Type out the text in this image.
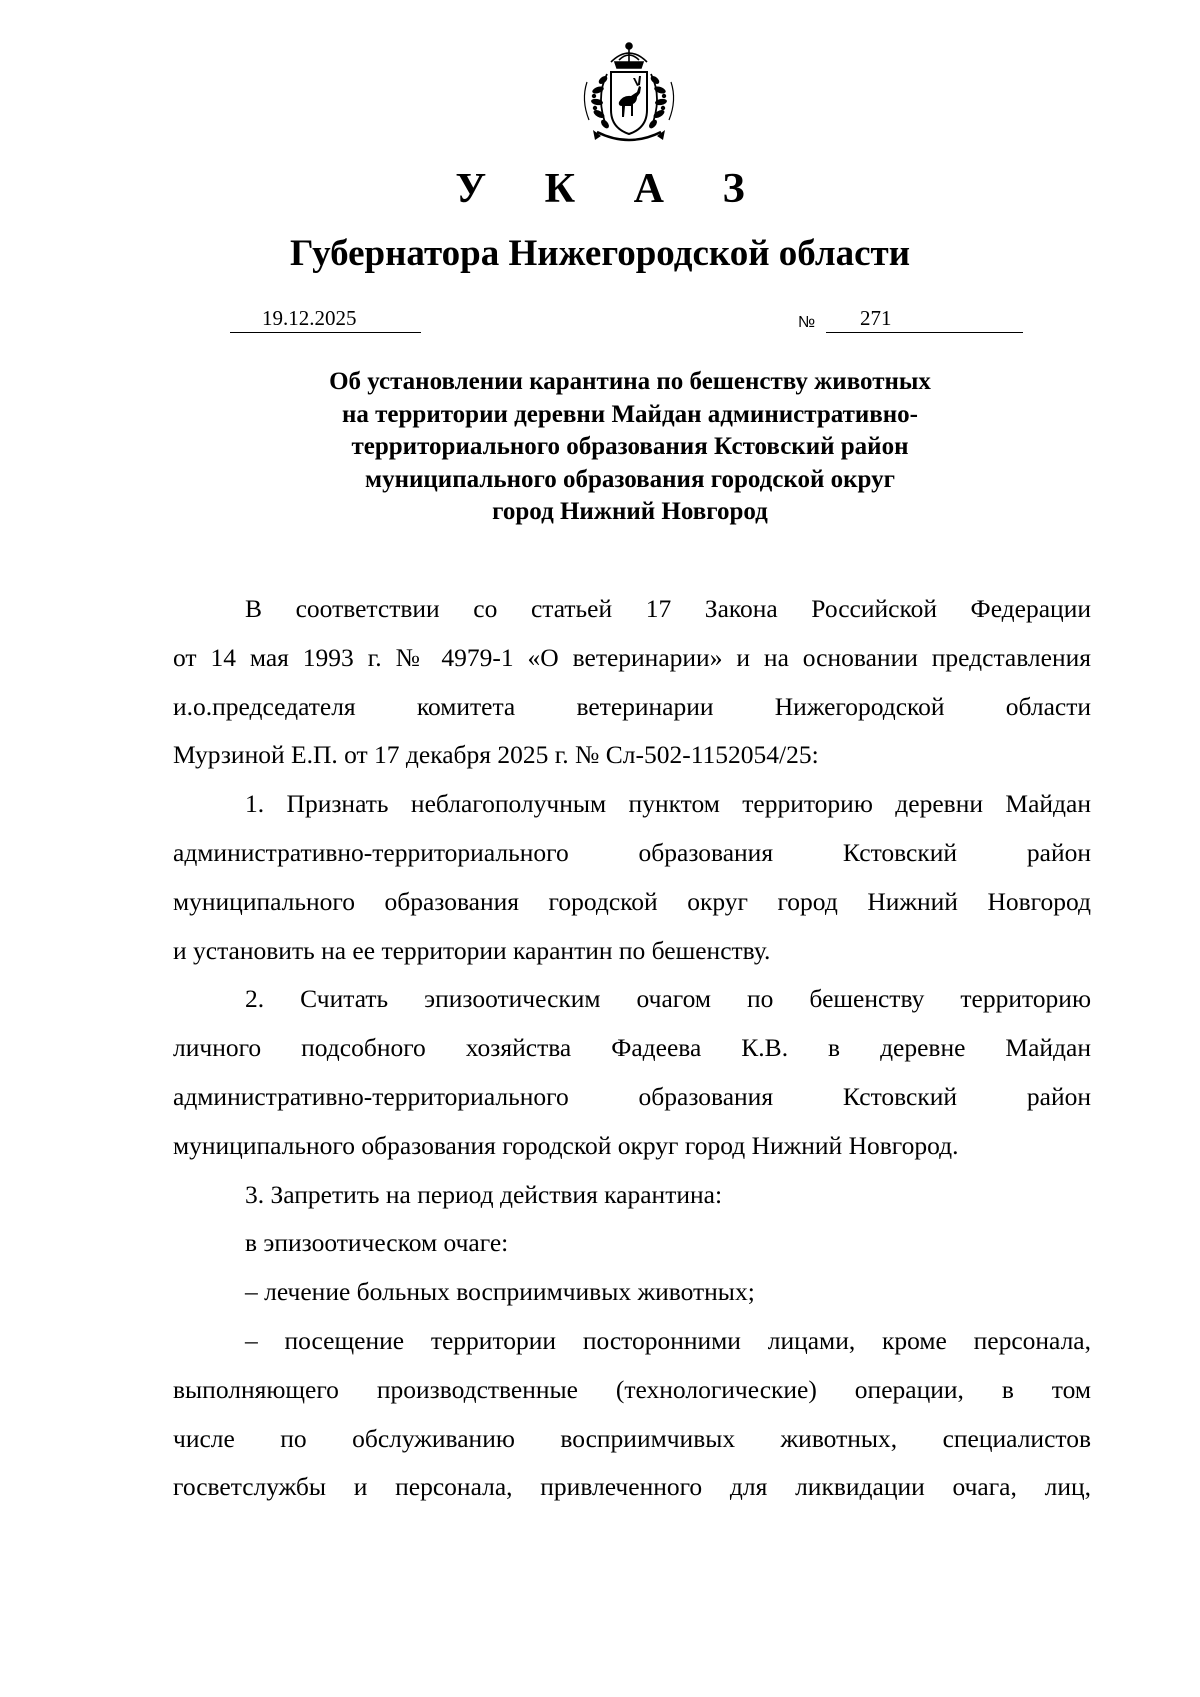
У К А З
Губернатора Нижегородской области
19.12.2025	№	271
Об установлении карантина по бешенству животных
на территории деревни Майдан административно-
территориального образования Кстовский район
муниципального образования городской округ
город Нижний Новгород
В соответствии со статьей 17 Закона Российской Федерации
от 14 мая 1993 г. № 4979-1 «О ветеринарии» и на основании представления
и.о.председателя комитета ветеринарии Нижегородской области
Мурзиной Е.П. от 17 декабря 2025 г. № Сл-502-1152054/25:
1. Признать неблагополучным пунктом территорию деревни Майдан
административно-территориального образования Кстовский район
муниципального образования городской округ город Нижний Новгород
и установить на ее территории карантин по бешенству.
2. Считать эпизоотическим очагом по бешенству территорию
личного подсобного хозяйства Фадеева К.В. в деревне Майдан
административно-территориального образования Кстовский район
муниципального образования городской округ город Нижний Новгород.
3. Запретить на период действия карантина:
в эпизоотическом очаге:
– лечение больных восприимчивых животных;
– посещение территории посторонними лицами, кроме персонала,
выполняющего производственные (технологические) операции, в том
числе по обслуживанию восприимчивых животных, специалистов
госветслужбы и персонала, привлеченного для ликвидации очага, лиц,
